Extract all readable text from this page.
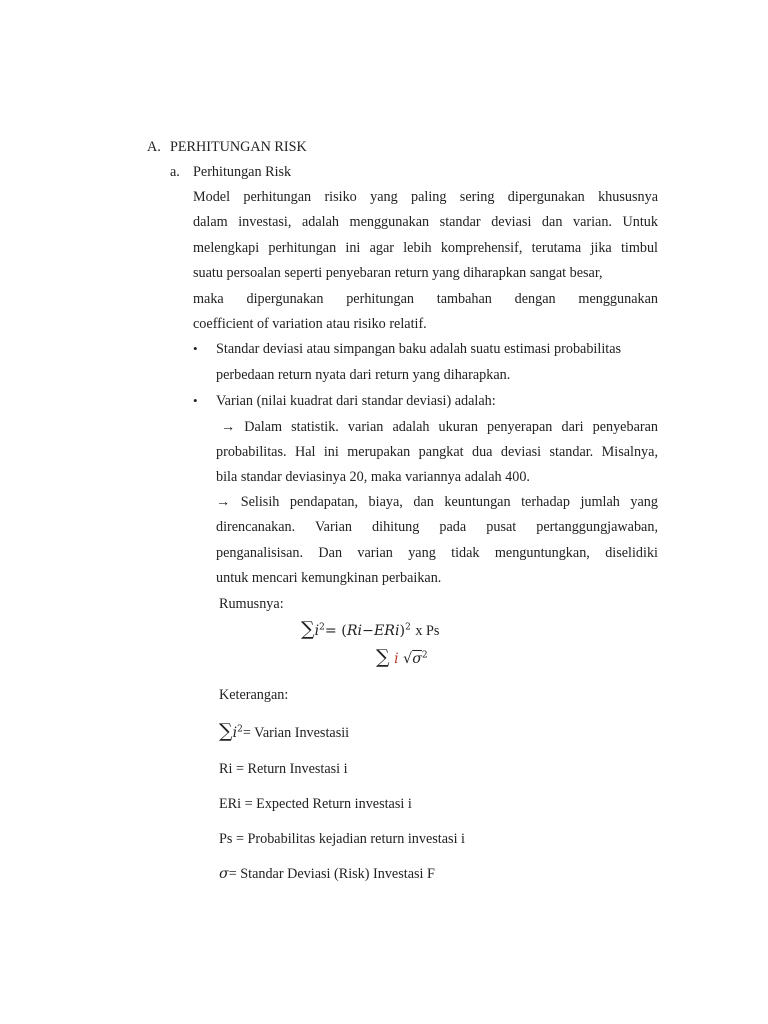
A. PERHITUNGAN RISK
a. Perhitungan Risk
Model perhitungan risiko yang paling sering dipergunakan khususnya
dalam investasi, adalah menggunakan standar deviasi dan varian. Untuk
melengkapi perhitungan ini agar lebih komprehensif, terutama jika timbul
suatu persoalan seperti penyebaran return yang diharapkan sangat besar,
maka dipergunakan perhitungan tambahan dengan menggunakan
coefficient of variation atau risiko relatif.
• Standar deviasi atau simpangan baku adalah suatu estimasi probabilitas
perbedaan return nyata dari return yang diharapkan.
• Varian (nilai kuadrat dari standar deviasi) adalah:
→ Dalam statistik. varian adalah ukuran penyerapan dari penyebaran
probabilitas. Hal ini merupakan pangkat dua deviasi standar. Misalnya,
bila standar deviasinya 20, maka variannya adalah 400.
→ Selisih pendapatan, biaya, dan keuntungan terhadap jumlah yang
direncanakan. Varian dihitung pada pusat pertanggungjawaban,
penganalisisan. Dan varian yang tidak menguntungkan, diselidiki
untuk mencari kemungkinan perbaikan.
Rumusnya:
$\sum i^2= (Ri-ERi)^2$ x Ps
∑ i $√\sigma^2$
Keterangan:
$\sum i^2=$ Varian Investasii
Ri = Return Investasi i
ERi = Expected Return investasi i
Ps = Probabilitas kejadian return investasi i
σ= Standar Deviasi (Risk) Investasi F
